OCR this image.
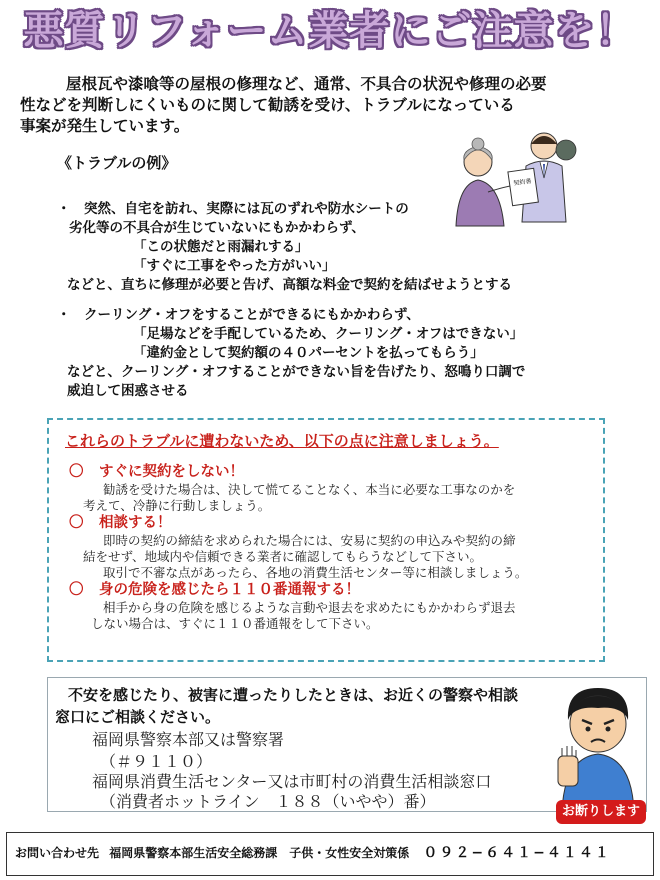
悪質リフォーム業者にご注意を！
屋根瓦や漆喰等の屋根の修理など、通常、不具合の状況や修理の必要
性などを判断しにくいものに関して勧誘を受け、トラブルになっている
事案が発生しています。
《トラブルの例》
契約書
・　突然、自宅を訪れ、実際には瓦のずれや防水シートの
劣化等の不具合が生じていないにもかかわらず、
「この状態だと雨漏れする」
「すぐに工事をやった方がいい」
などと、直ちに修理が必要と告げ、高額な料金で契約を結ばせようとする
・　クーリング・オフをすることができるにもかかわらず、
「足場などを手配しているため、クーリング・オフはできない」
「違約金として契約額の４０パーセントを払ってもらう」
などと、クーリング・オフすることができない旨を告げたり、怒鳴り口調で
威迫して困惑させる
これらのトラブルに遭わないため、以下の点に注意しましょう。
〇 すぐに契約をしない！
勧誘を受けた場合は、決して慌てることなく、本当に必要な工事なのかを
考えて、冷静に行動しましょう。
〇 相談する！
即時の契約の締結を求められた場合には、安易に契約の申込みや契約の締
結をせず、地域内や信頼できる業者に確認してもらうなどして下さい。
取引で不審な点があったら、各地の消費生活センター等に相談しましょう。
〇 身の危険を感じたら１１０番通報する！
相手から身の危険を感じるような言動や退去を求めたにもかかわらず退去
しない場合は、すぐに１１０番通報をして下さい。
不安を感じたり、被害に遭ったりしたときは、お近くの警察や相談
窓口にご相談ください。
福岡県警察本部又は警察署
（＃９１１０）
福岡県消費生活センター又は市町村の消費生活相談窓口
（消費者ホットライン　１８８（いやや）番）
お断りします
お問い合わせ先 福岡県警察本部生活安全総務課　子供・女性安全対策係 ０９２−６４１−４１４１
